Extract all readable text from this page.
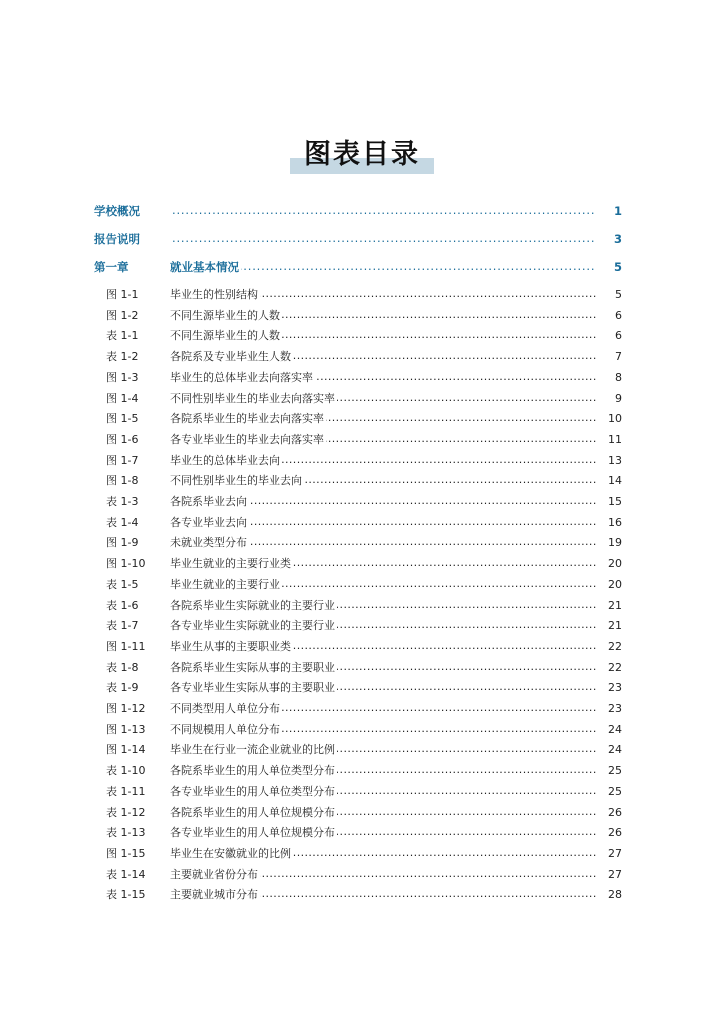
图表目录
学校概况 .....	1
报告说明 .....	3
第一章	就业基本情况 .....	5
图 1-1	毕业生的性别结构 .....	5
图 1-2	不同生源毕业生的人数 .....	6
表 1-1	不同生源毕业生的人数 .....	6
表 1-2	各院系及专业毕业生人数 .....	7
图 1-3	毕业生的总体毕业去向落实率 .....	8
图 1-4	不同性别毕业生的毕业去向落实率 .....	9
图 1-5	各院系毕业生的毕业去向落实率 .....	10
图 1-6	各专业毕业生的毕业去向落实率 .....	11
图 1-7	毕业生的总体毕业去向 .....	13
图 1-8	不同性别毕业生的毕业去向 .....	14
表 1-3	各院系毕业去向 .....	15
表 1-4	各专业毕业去向 .....	16
图 1-9	未就业类型分布 .....	19
图 1-10	毕业生就业的主要行业类 .....	20
表 1-5	毕业生就业的主要行业 .....	20
表 1-6	各院系毕业生实际就业的主要行业 .....	21
表 1-7	各专业毕业生实际就业的主要行业 .....	21
图 1-11	毕业生从事的主要职业类 .....	22
表 1-8	各院系毕业生实际从事的主要职业 .....	22
表 1-9	各专业毕业生实际从事的主要职业 .....	23
图 1-12	不同类型用人单位分布 .....	23
图 1-13	不同规模用人单位分布 .....	24
图 1-14	毕业生在行业一流企业就业的比例 .....	24
表 1-10	各院系毕业生的用人单位类型分布 .....	25
表 1-11	各专业毕业生的用人单位类型分布 .....	25
表 1-12	各院系毕业生的用人单位规模分布 .....	26
表 1-13	各专业毕业生的用人单位规模分布 .....	26
图 1-15	毕业生在安徽就业的比例 .....	27
表 1-14	主要就业省份分布 .....	27
表 1-15	主要就业城市分布 .....	28
